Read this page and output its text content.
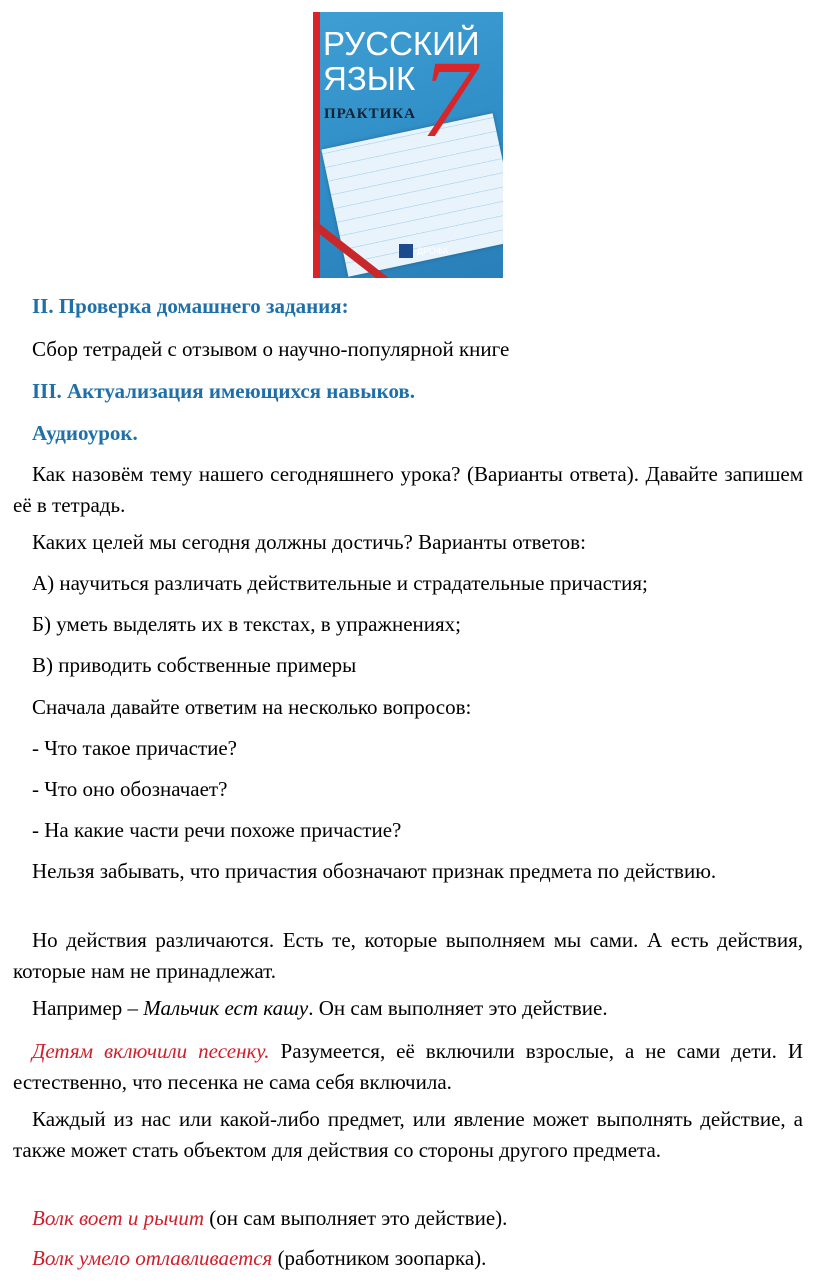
РУССКИЙ
ЯЗЫК 7
ПРАКТИКА
ДРОФА

II. Проверка домашнего задания:

Сбор тетрадей с отзывом о научно-популярной книге

III. Актуализация имеющихся навыков.

Аудиоурок.

Как назовём тему нашего сегодняшнего урока? (Варианты ответа). Давайте запишем её в тетрадь.

Каких целей мы сегодня должны достичь? Варианты ответов:

А) научиться различать действительные и страдательные причастия;

Б) уметь выделять их в текстах, в упражнениях;

В) приводить собственные примеры

Сначала давайте ответим на несколько вопросов:

- Что такое причастие?

- Что оно обозначает?

- На какие части речи похоже причастие?

Нельзя забывать, что причастия обозначают признак предмета по действию.

Но действия различаются. Есть те, которые выполняем мы сами. А есть действия, которые нам не принадлежат.

Например – Мальчик ест кашу. Он сам выполняет это действие.

Детям включили песенку. Разумеется, её включили взрослые, а не сами дети. И естественно, что песенка не сама себя включила.

Каждый из нас или какой-либо предмет, или явление может выполнять действие, а также может стать объектом для действия со стороны другого предмета.

Волк воет и рычит (он сам выполняет это действие).

Волк умело отлавливается (работником зоопарка).
